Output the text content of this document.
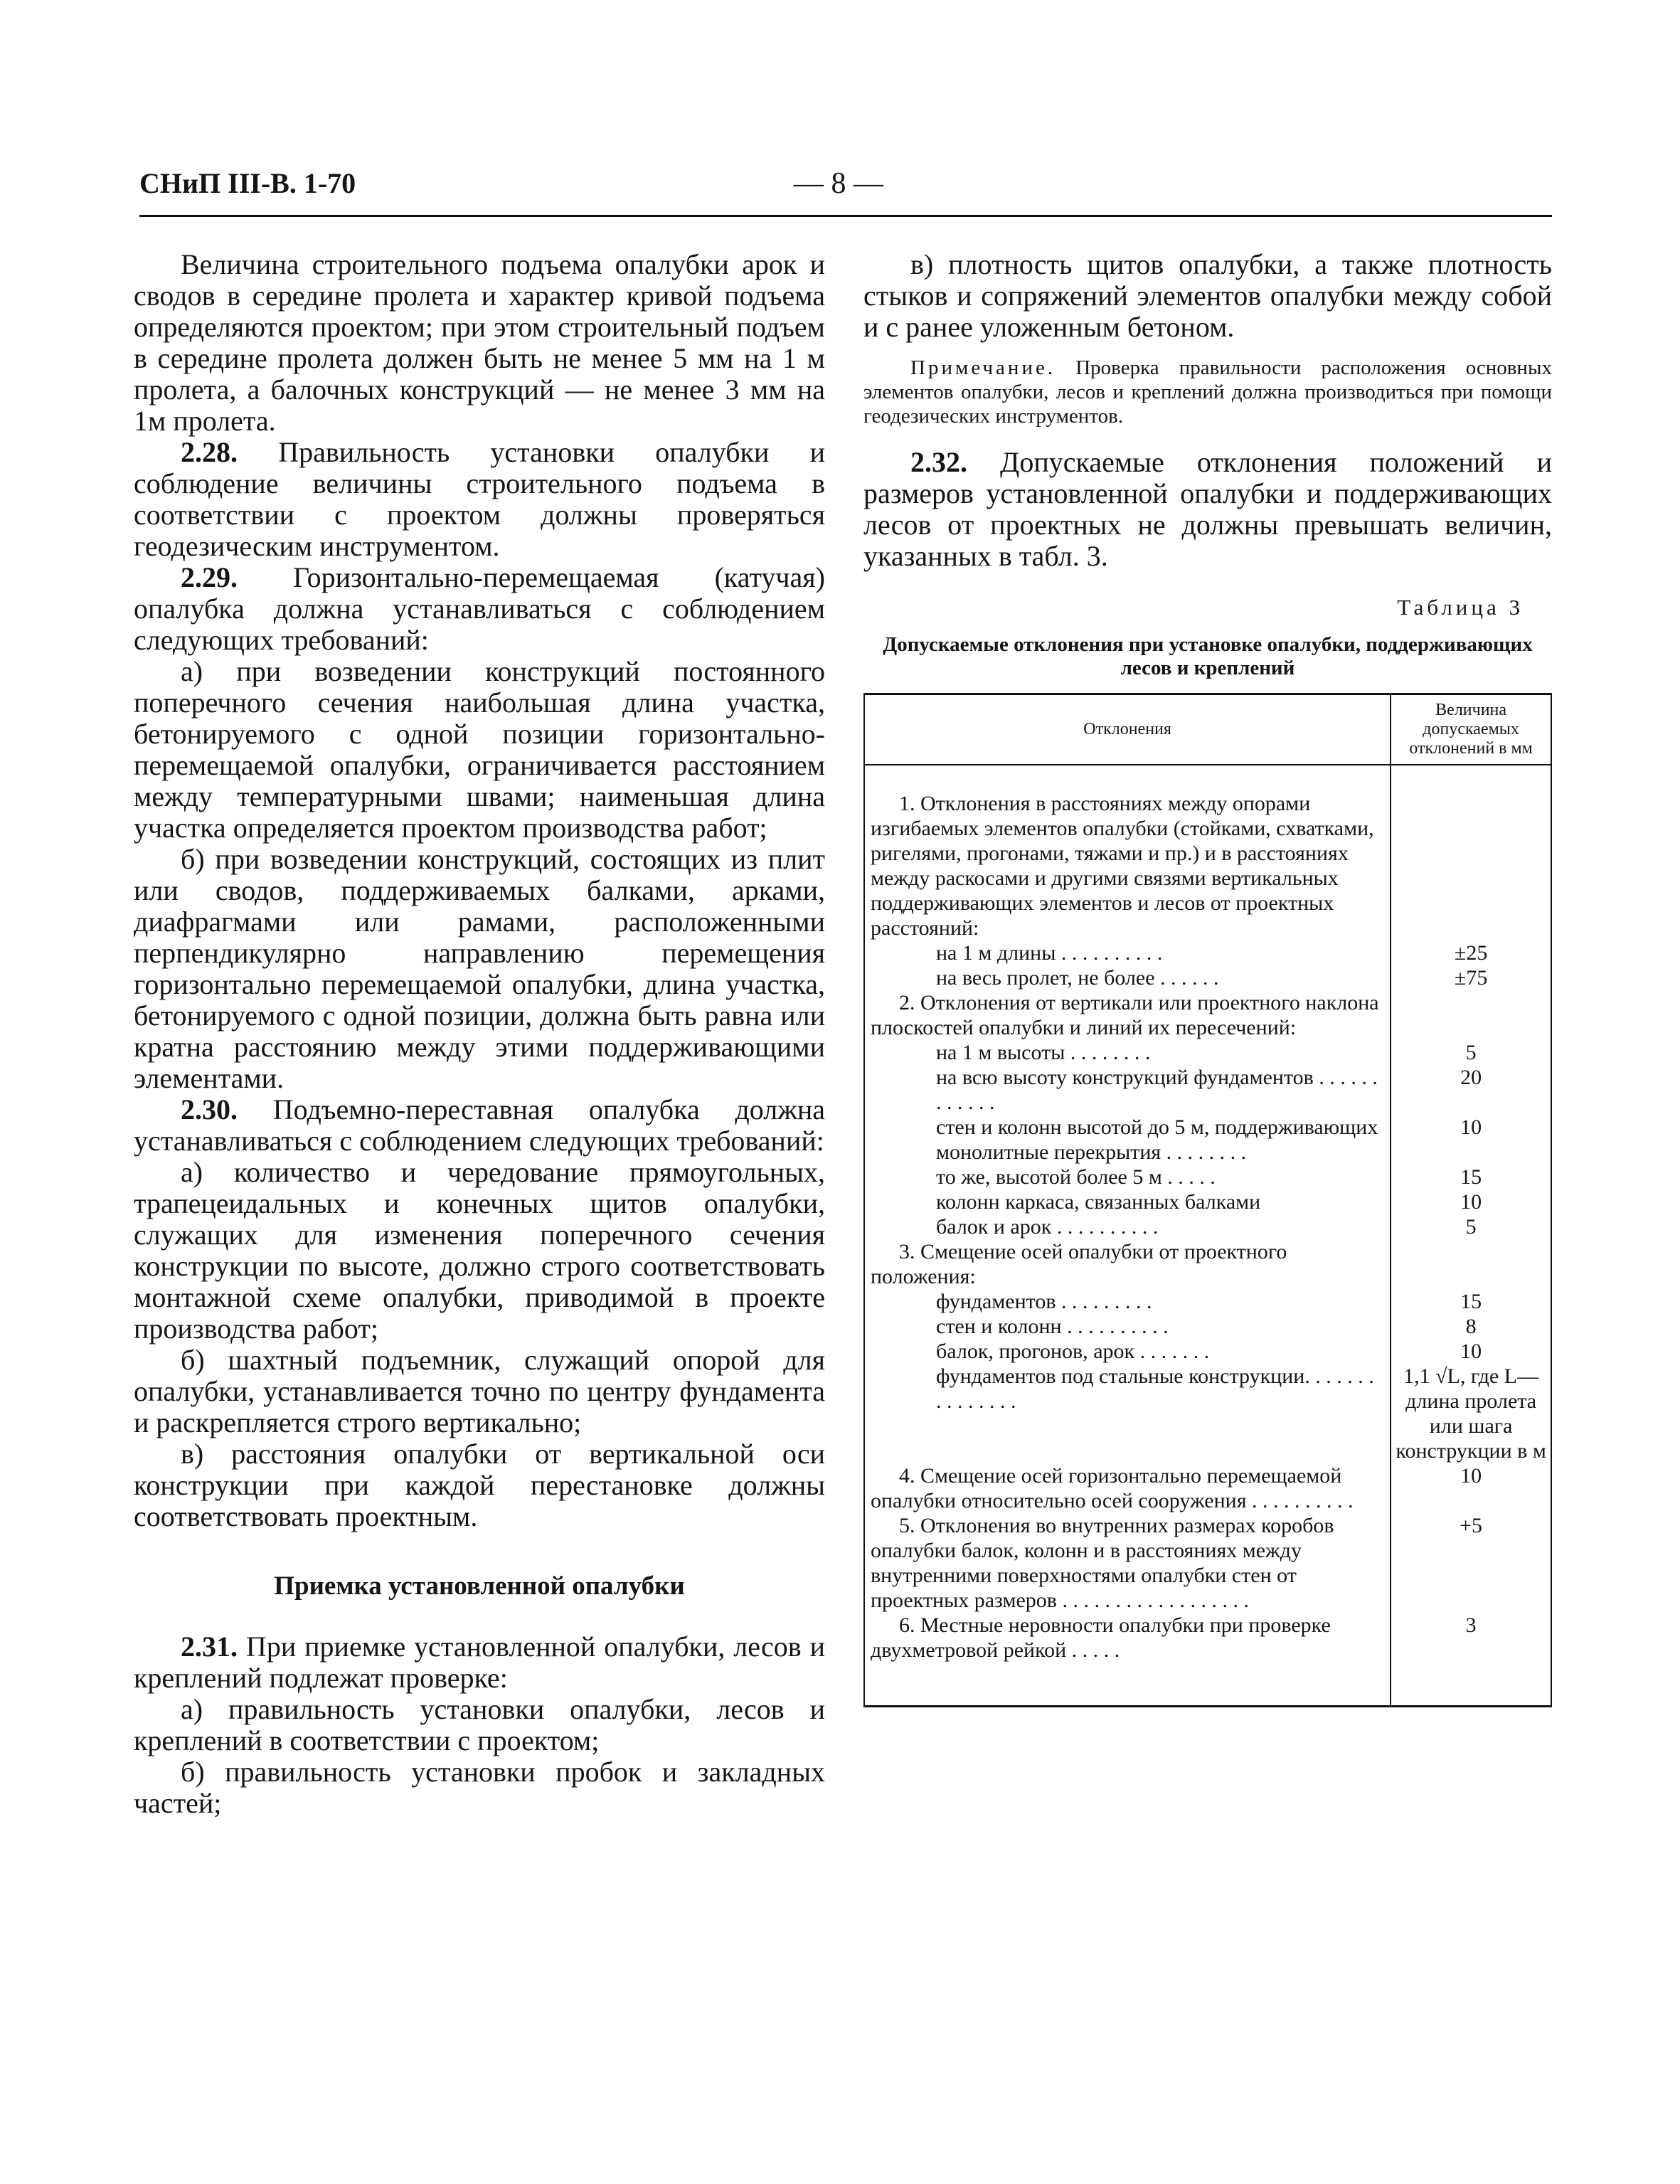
СНиП III-В. 1-70	— 8 —

Величина строительного подъема опалубки арок и сводов в середине пролета и характер кривой подъема определяются проектом; при этом строительный подъем в середине пролета должен быть не менее 5 мм на 1 м пролета, а балочных конструкций — не менее 3 мм на 1м пролета.

2.28. Правильность установки опалубки и соблюдение величины строительного подъема в соответствии с проектом должны проверяться геодезическим инструментом.

2.29. Горизонтально-перемещаемая (катучая) опалубка должна устанавливаться с соблюдением следующих требований:

а) при возведении конструкций постоянного поперечного сечения наибольшая длина участка, бетонируемого с одной позиции горизонтально-перемещаемой опалубки, ограничивается расстоянием между температурными швами; наименьшая длина участка определяется проектом производства работ;

б) при возведении конструкций, состоящих из плит или сводов, поддерживаемых балками, арками, диафрагмами или рамами, расположенными перпендикулярно направлению перемещения горизонтально перемещаемой опалубки, длина участка, бетонируемого с одной позиции, должна быть равна или кратна расстоянию между этими поддерживающими элементами.

2.30. Подъемно-переставная опалубка должна устанавливаться с соблюдением следующих требований:

а) количество и чередование прямоугольных, трапецеидальных и конечных щитов опалубки, служащих для изменения поперечного сечения конструкции по высоте, должно строго соответствовать монтажной схеме опалубки, приводимой в проекте производства работ;

б) шахтный подъемник, служащий опорой для опалубки, устанавливается точно по центру фундамента и раскрепляется строго вертикально;

в) расстояния опалубки от вертикальной оси конструкции при каждой перестановке должны соответствовать проектным.

Приемка установленной опалубки

2.31. При приемке установленной опалубки, лесов и креплений подлежат проверке:

а) правильность установки опалубки, лесов и креплений в соответствии с проектом;

б) правильность установки пробок и закладных частей;

в) плотность щитов опалубки, а также плотность стыков и сопряжений элементов опалубки между собой и с ранее уложенным бетоном.

Примечание. Проверка правильности расположения основных элементов опалубки, лесов и креплений должна производиться при помощи геодезических инструментов.

2.32. Допускаемые отклонения положений и размеров установленной опалубки и поддерживающих лесов от проектных не должны превышать величин, указанных в табл. 3.

Таблица 3
Допускаемые отклонения при установке опалубки, поддерживающих лесов и креплений
Отклонения	Величина допускаемых отклонений в мм
1. Отклонения в расстояниях между опорами изгибаемых элементов опалубки (стойками, схватками, ригелями, прогонами, тяжами и пр.) и в расстояниях между раскосами и другими связями вертикальных поддерживающих элементов и лесов от проектных расстояний:	
на 1 м длины . . . . . . . . . .	±25
на весь пролет, не более . . . . . .	±75
2. Отклонения от вертикали или проектного наклона плоскостей опалубки и линий их пересечений:	
на 1 м высоты . . . . . . . .	5
на всю высоту конструкций фундаментов . . . . . . . . . . . .	20
стен и колонн высотой до 5 м, поддерживающих монолитные перекрытия . . . . . . . .	10
то же, высотой более 5 м . . . . .	15
колонн каркаса, связанных балками	10
балок и арок . . . . . . . . . .	5
3. Смещение осей опалубки от проектного положения:	
фундаментов . . . . . . . . .	15
стен и колонн . . . . . . . . . .	8
балок, прогонов, арок . . . . . . .	10
фундаментов под стальные конструкции. . . . . . . . . . . . . . .	1,1 √L, где L— длина пролета или шага конструкции в м
4. Смещение осей горизонтально перемещаемой опалубки относительно осей сооружения . . . . . . . . . .	10
5. Отклонения во внутренних размерах коробов опалубки балок, колонн и в расстояниях между внутренними поверхностями опалубки стен от проектных размеров . . . . . . . . . . . . . . . . . .	+5
6. Местные неровности опалубки при проверке двухметровой рейкой . . . . .	3
